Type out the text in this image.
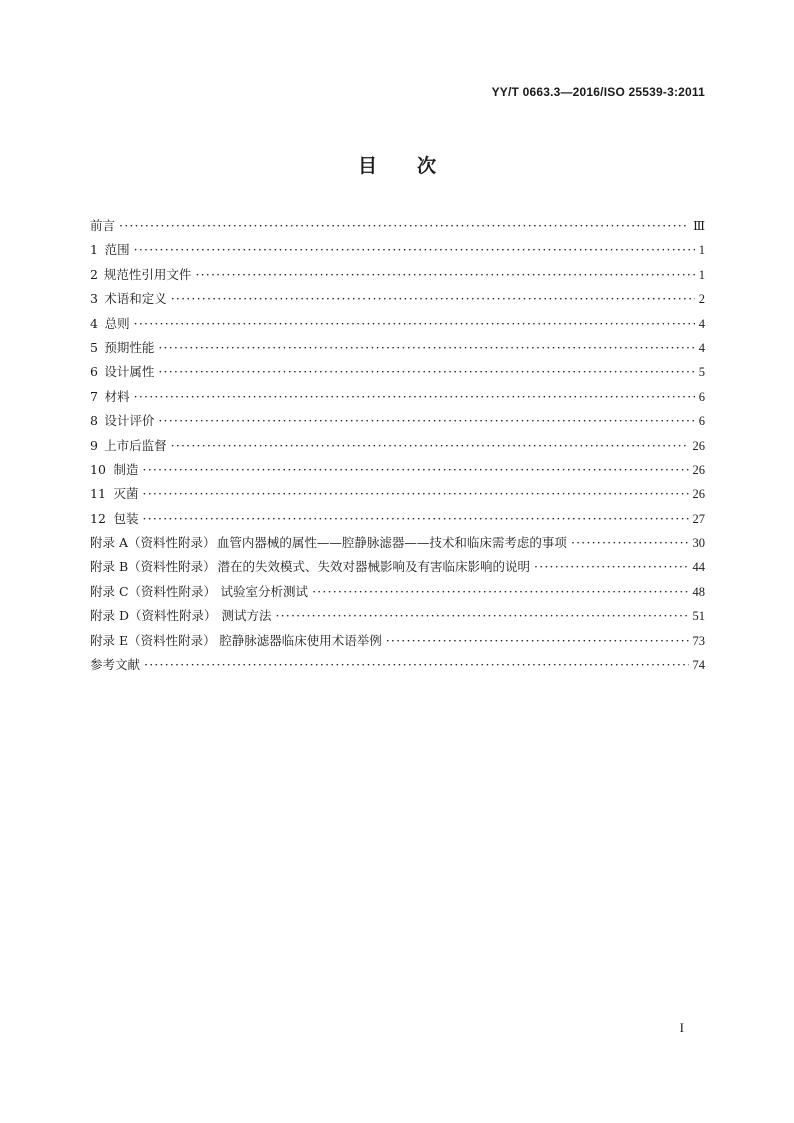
YY/T 0663.3—2016/ISO 25539-3:2011
目次
前言 ·····	Ⅲ
1 范围 ·····	1
2 规范性引用文件 ·····	1
3 术语和定义 ·····	2
4 总则 ·····	4
5 预期性能 ·····	4
6 设计属性 ·····	5
7 材料 ·····	6
8 设计评价 ·····	6
9 上市后监督 ·····	26
10 制造 ·····	26
11 灭菌 ·····	26
12 包装 ·····	27
附录 A（资料性附录） 血管内器械的属性——腔静脉滤器——技术和临床需考虑的事项 ·····	30
附录 B（资料性附录） 潜在的失效模式、失效对器械影响及有害临床影响的说明 ·····	44
附录 C（资料性附录） 试验室分析测试 ·····	48
附录 D（资料性附录） 测试方法 ·····	51
附录 E（资料性附录） 腔静脉滤器临床使用术语举例 ·····	73
参考文献 ·····	74
I
